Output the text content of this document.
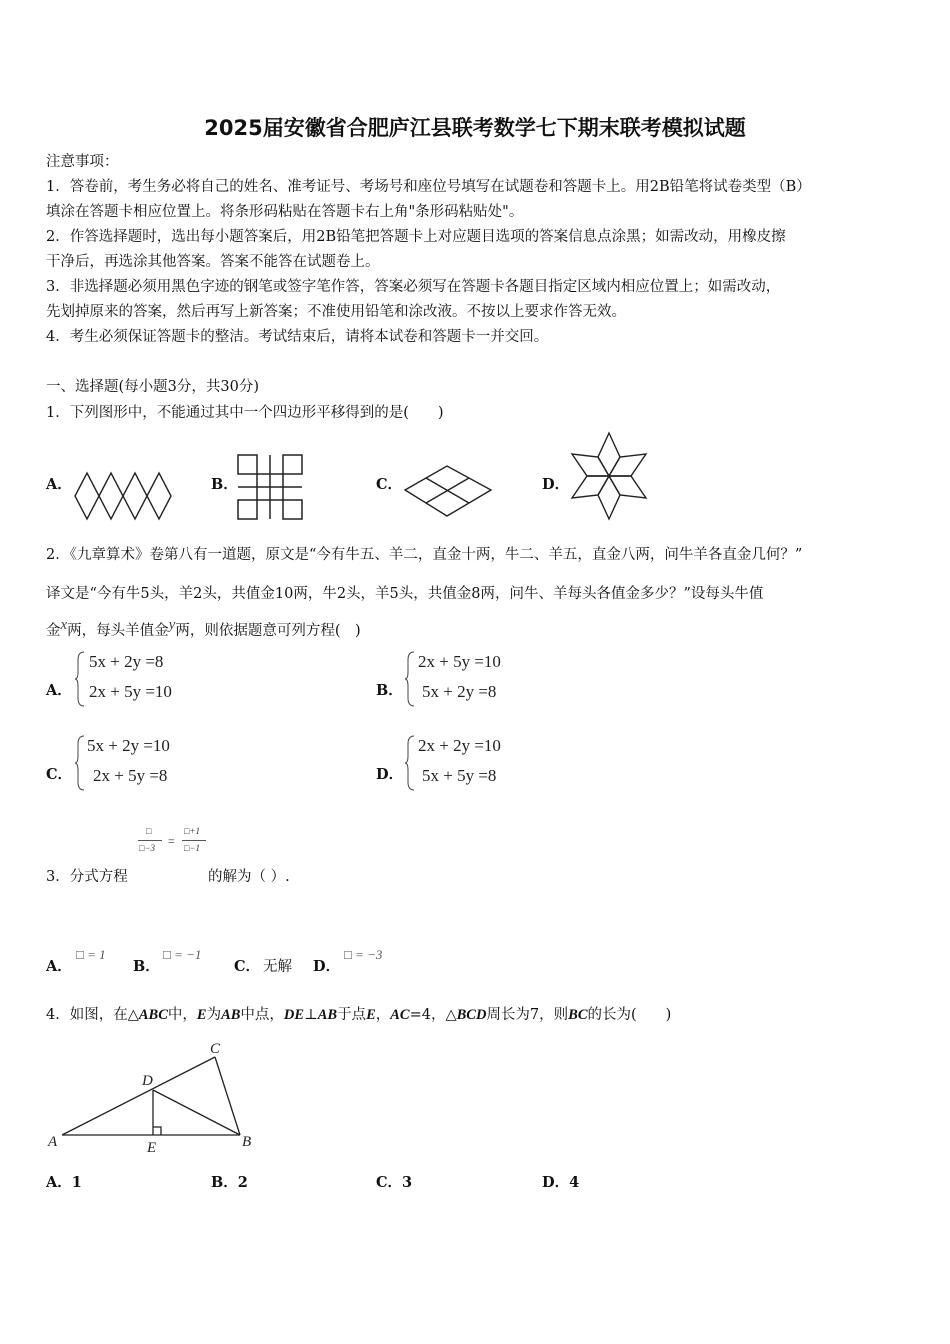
2025届安徽省合肥庐江县联考数学七下期末联考模拟试题
注意事项：
1．答卷前，考生务必将自己的姓名、准考证号、考场号和座位号填写在试题卷和答题卡上。用2B铅笔将试卷类型（B）
填涂在答题卡相应位置上。将条形码粘贴在答题卡右上角"条形码粘贴处"。
2．作答选择题时，选出每小题答案后，用2B铅笔把答题卡上对应题目选项的答案信息点涂黑；如需改动，用橡皮擦
干净后，再选涂其他答案。答案不能答在试题卷上。
3．非选择题必须用黑色字迹的钢笔或签字笔作答，答案必须写在答题卡各题目指定区域内相应位置上；如需改动，
先划掉原来的答案，然后再写上新答案；不准使用铅笔和涂改液。不按以上要求作答无效。
4．考生必须保证答题卡的整洁。考试结束后，请将本试卷和答题卡一并交回。
一、选择题(每小题3分，共30分)
1．下列图形中，不能通过其中一个四边形平移得到的是(　　)
A．	B．	C．	D．
2．《九章算术》卷第八有一道题，原文是“今有牛五、羊二，直金十两，牛二、羊五，直金八两，问牛羊各直金几何？”
译文是“今有牛5头，羊2头，共值金10两，牛2头，羊5头，共值金8两，问牛、羊每头各值金多少？”设每头牛值
金x两，每头羊值金y两，则依据题意可列方程(　)
A．
5x + 2y =8
2x + 5y =10	B．
2x + 5y =10
5x + 2y =8
C．
5x + 2y =10
2x + 5y =8	D．
2x + 2y =10
5x + 5y =8
□
□−3 =
□+1
□−1
3．分式方程	的解为（ ）.
A．
□ = 1
B．
□ = −1
C． 无解 D．
□ = −3
4．如图，在△ABC中，E为AB中点，DE⊥AB于点E，AC=4，△BCD周长为7，则BC的长为(　　)
A	B
C
D
E
A．1	B．2	C．3	D．4
